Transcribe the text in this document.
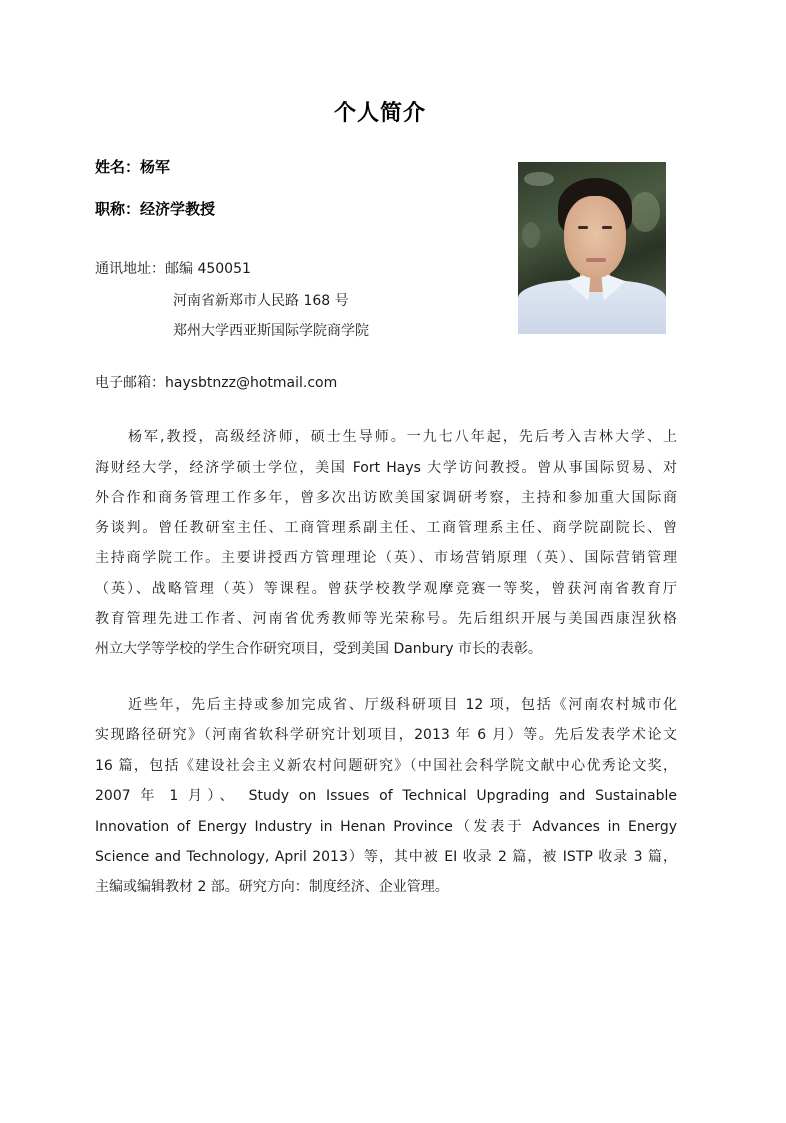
个人简介
姓名：杨军
职称：经济学教授
通讯地址：邮编 450051
河南省新郑市人民路 168 号
郑州大学西亚斯国际学院商学院
电子邮箱：haysbtnzz@hotmail.com
杨军,教授，高级经济师，硕士生导师。一九七八年起，先后考入吉林大学、上
海财经大学，经济学硕士学位，美国 Fort Hays 大学访问教授。曾从事国际贸易、对
外合作和商务管理工作多年，曾多次出访欧美国家调研考察，主持和参加重大国际商
务谈判。曾任教研室主任、工商管理系副主任、工商管理系主任、商学院副院长、曾
主持商学院工作。主要讲授西方管理理论（英）、市场营销原理（英）、国际营销管理
（英）、战略管理（英）等课程。曾获学校教学观摩竞赛一等奖，曾获河南省教育厅
教育管理先进工作者、河南省优秀教师等光荣称号。先后组织开展与美国西康涅狄格
州立大学等学校的学生合作研究项目，受到美国 Danbury 市长的表彰。
近些年，先后主持或参加完成省、厅级科研项目 12 项，包括《河南农村城市化
实现路径研究》（河南省软科学研究计划项目，2013 年 6 月）等。先后发表学术论文
16 篇，包括《建设社会主义新农村问题研究》（中国社会科学院文献中心优秀论文奖，
2007 年 1 月）、 Study on Issues of Technical Upgrading and Sustainable
Innovation of Energy Industry in Henan Province（发表于 Advances in Energy
Science and Technology, April 2013）等，其中被 EI 收录 2 篇，被 ISTP 收录 3 篇，
主编或编辑教材 2 部。研究方向：制度经济、企业管理。
